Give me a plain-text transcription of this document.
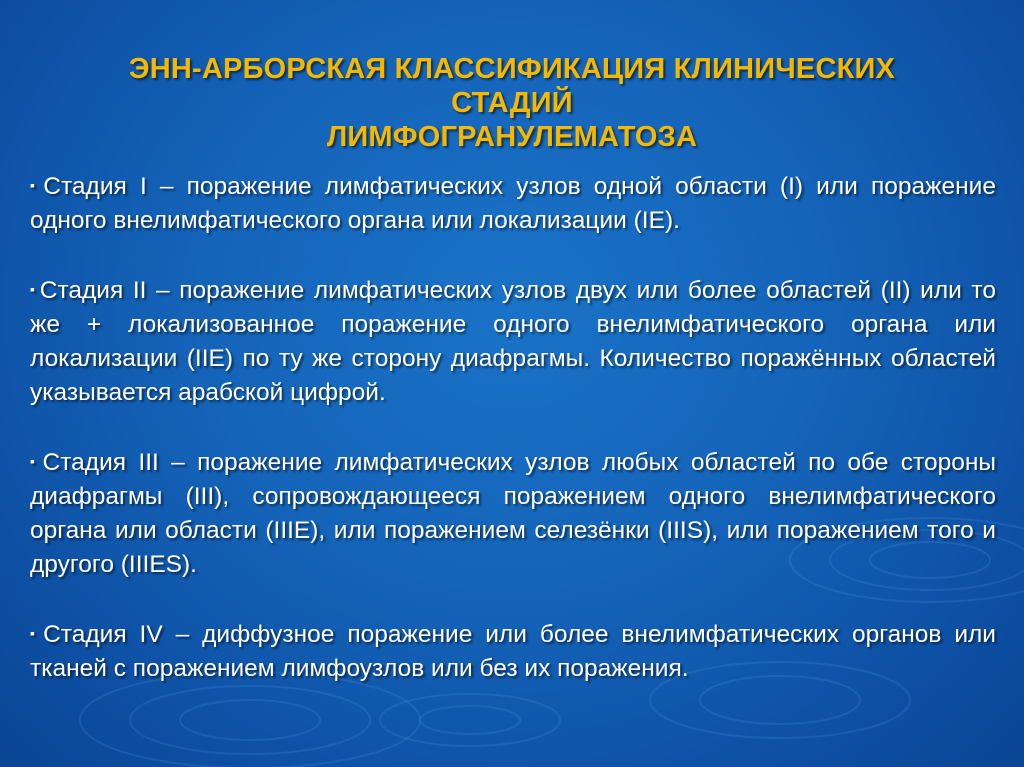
ЭНН-АРБОРСКАЯ КЛАССИФИКАЦИЯ КЛИНИЧЕСКИХ
СТАДИЙ
ЛИМФОГРАНУЛЕМАТОЗА

▪Стадия I – поражение лимфатических узлов одной области (I) или поражение одного внелимфатического органа или локализации (IE).

▪Стадия II – поражение лимфатических узлов двух или более областей (II) или то же + локализованное поражение одного внелимфатического органа или локализации (IIE) по ту же сторону диафрагмы. Количество поражённых областей указывается арабской цифрой.

▪Стадия III – поражение лимфатических узлов любых областей по обе стороны диафрагмы (III), сопровождающееся поражением одного внелимфатического органа или области (IIIE), или поражением селезёнки (IIIS), или поражением того и другого (IIIES).

▪Стадия IV – диффузное поражение или более внелимфатических органов или тканей с поражением лимфоузлов или без их поражения.
